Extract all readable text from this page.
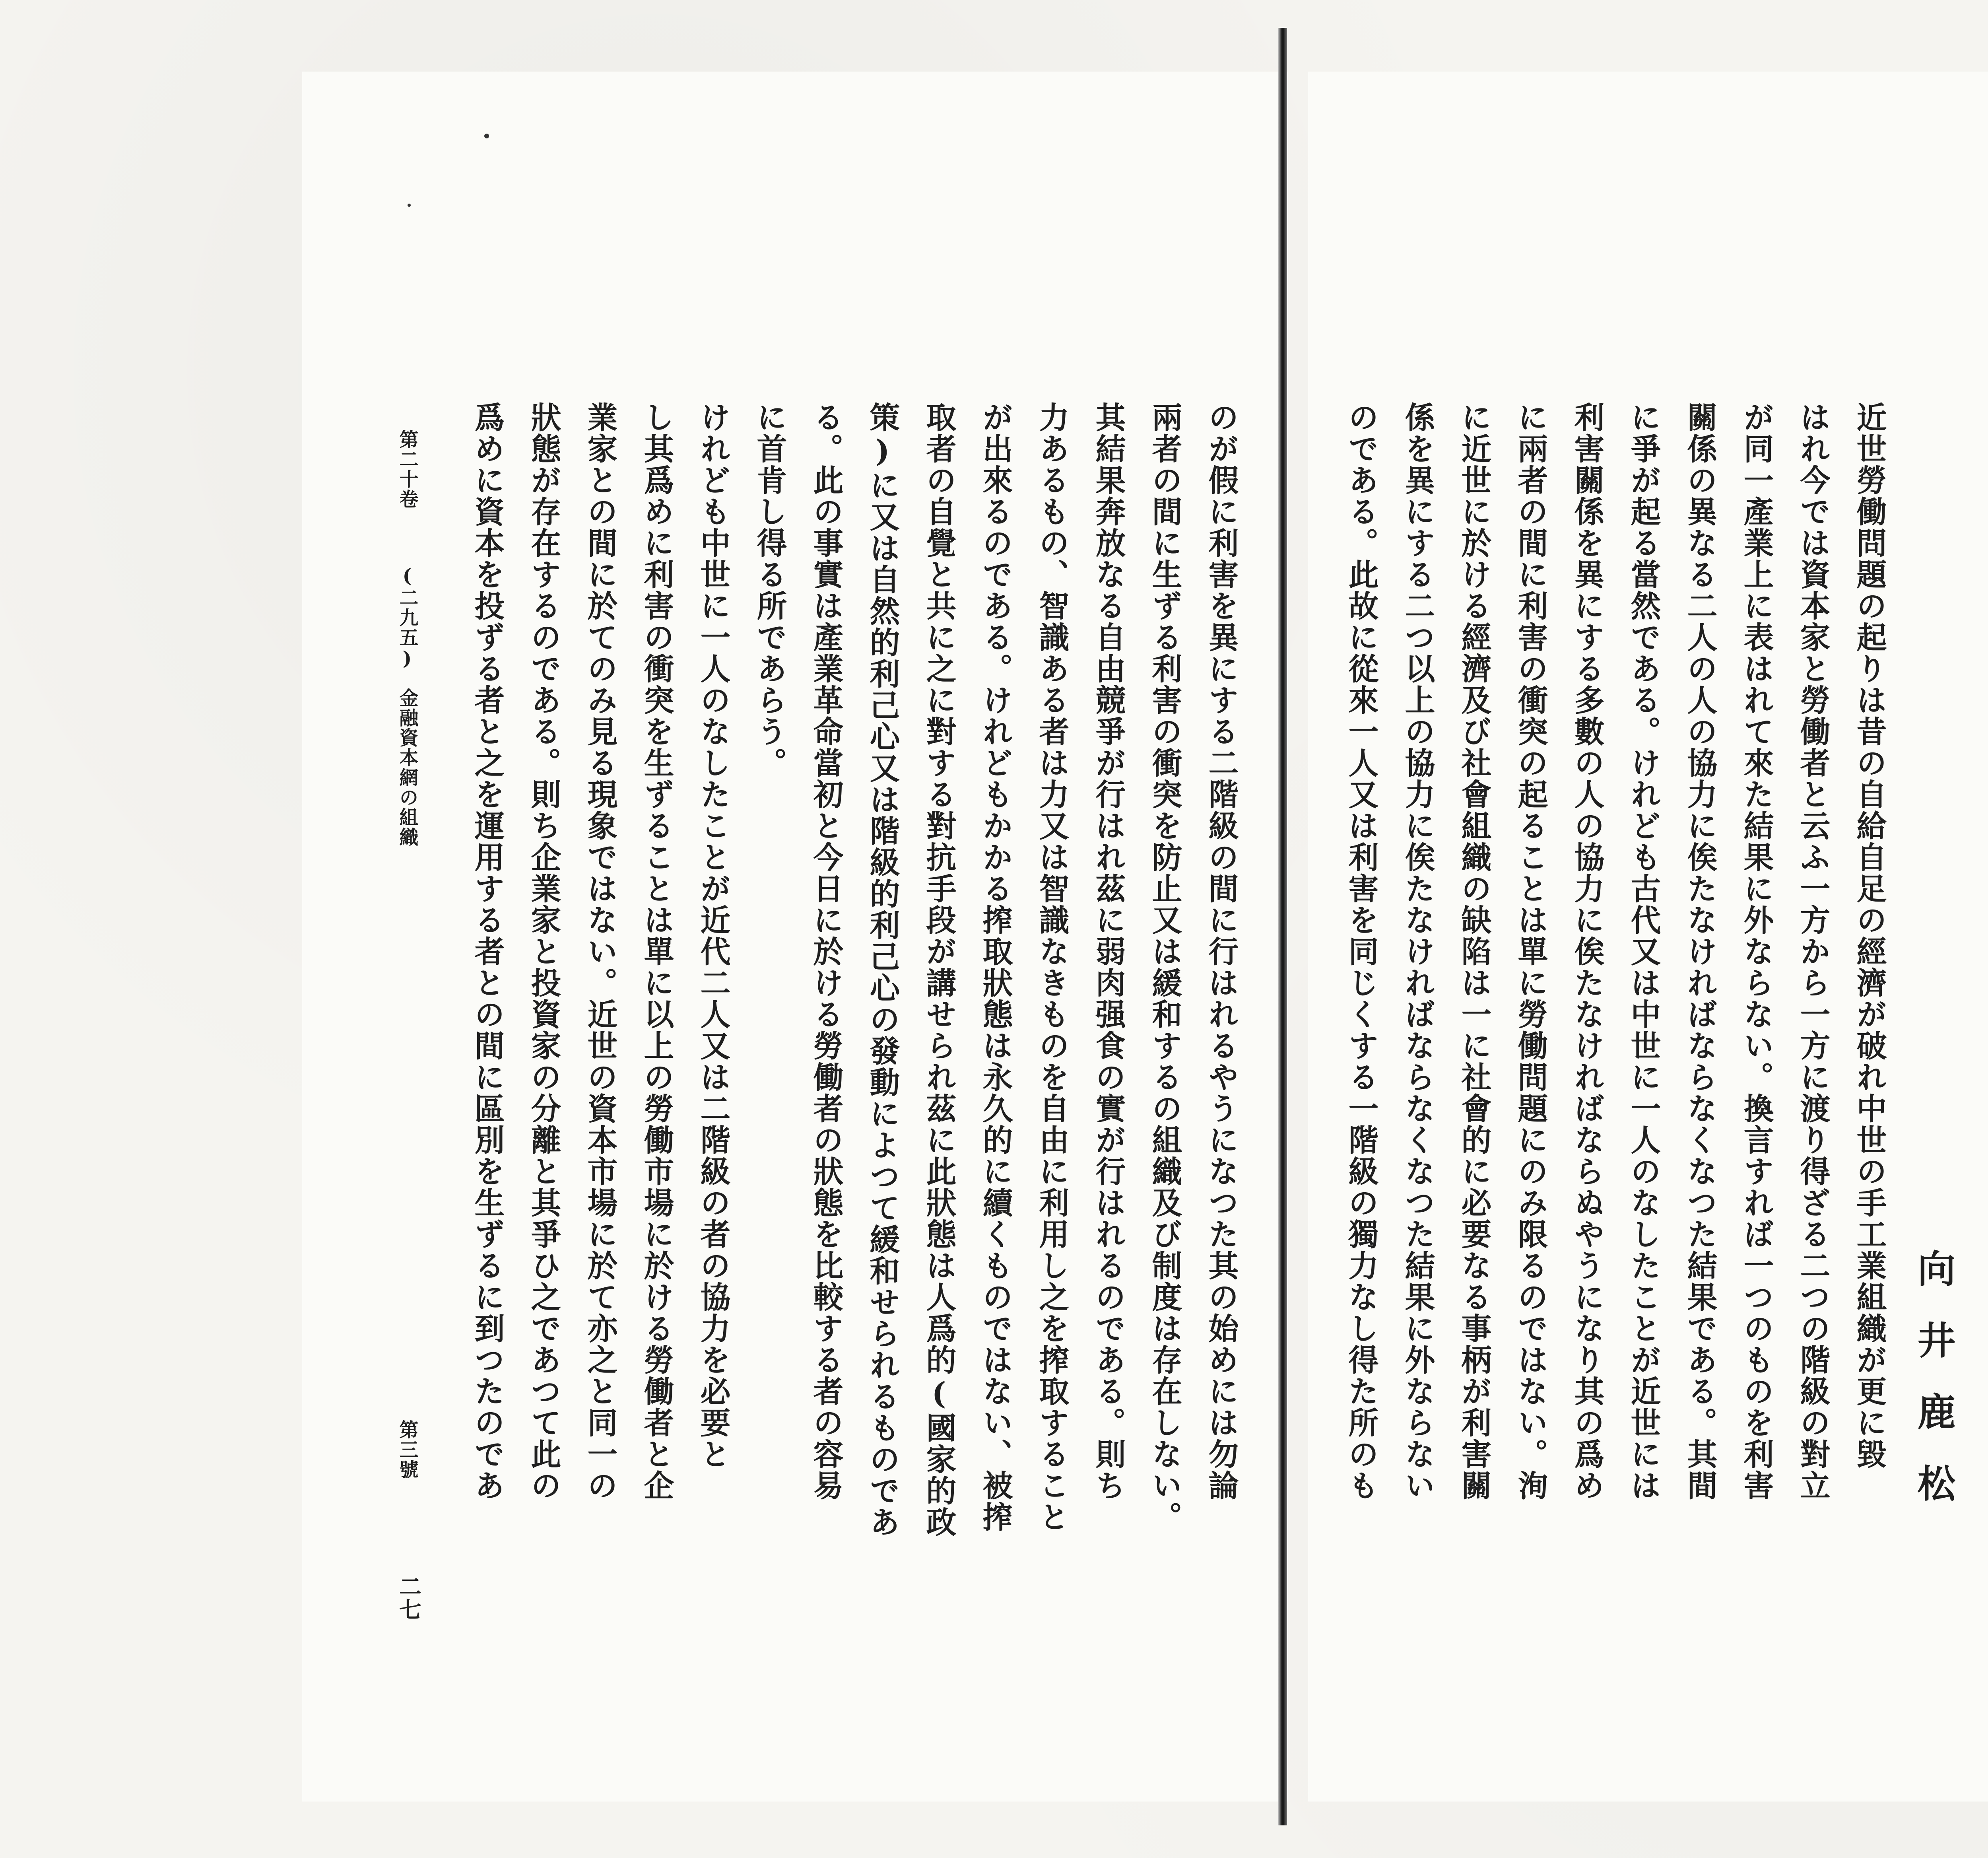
のが假に利害を異にする二階級の間に行はれるやうになつた其の始めには勿論
兩者の間に生ずる利害の衝突を防止又は緩和するの組織及び制度は存在しない。
其結果奔放なる自由競爭が行はれ茲に弱肉强食の實が行はれるのである。則ち
力あるもの、智識ある者は力又は智識なきものを自由に利用し之を搾取すること
が出來るのである。けれどもかかる搾取狀態は永久的に續くものではない、被搾
取者の自覺と共に之に對する對抗手段が講せられ茲に此狀態は人爲的(國家的政
策)に又は自然的利己心又は階級的利己心の發動によつて緩和せられるものであ
る。此の事實は產業革命當初と今日に於ける勞働者の狀態を比較する者の容易
に首肯し得る所であらう。
けれども中世に一人のなしたことが近代二人又は二階級の者の協力を必要と
し其爲めに利害の衝突を生ずることは單に以上の勞働市場に於ける勞働者と企
業家との間に於てのみ見る現象ではない。近世の資本市場に於て亦之と同一の
狀態が存在するのである。則ち企業家と投資家の分離と其爭ひ之であつて此の
爲めに資本を投ずる者と之を運用する者との間に區別を生ずるに到つたのであ
第二十卷
(二九五)
金融資本網の組織
第三號
二七
向井鹿松
近世勞働問題の起りは昔の自給自足の經濟が破れ中世の手工業組織が更に毀
はれ今では資本家と勞働者と云ふ一方から一方に渡り得ざる二つの階級の對立
が同一產業上に表はれて來た結果に外ならない。換言すれば一つのものを利害
關係の異なる二人の人の協力に俟たなければならなくなつた結果である。其間
に爭が起る當然である。けれども古代又は中世に一人のなしたことが近世には
利害關係を異にする多數の人の協力に俟たなければならぬやうになり其の爲め
に兩者の間に利害の衝突の起ることは單に勞働問題にのみ限るのではない。洵
に近世に於ける經濟及び社會組織の缺陷は一に社會的に必要なる事柄が利害關
係を異にする二つ以上の協力に俟たなければならなくなつた結果に外ならない
のである。此故に從來一人又は利害を同じくする一階級の獨力なし得た所のも
